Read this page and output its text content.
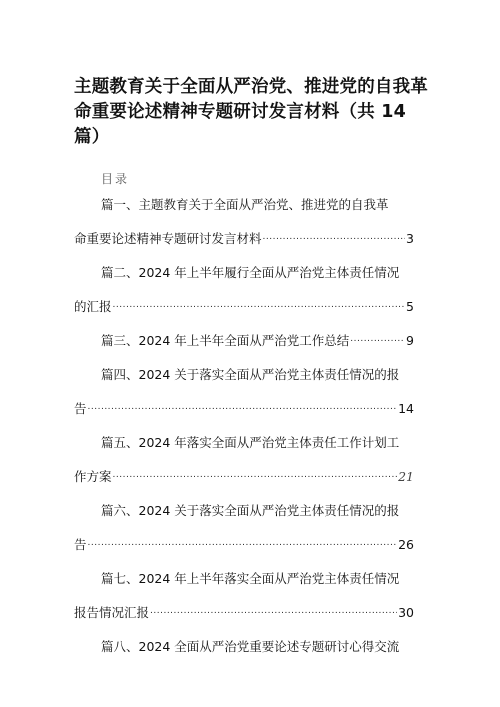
主题教育关于全面从严治党、推进党的自我革
命重要论述精神专题研讨发言材料（共 14
篇）
目录
篇一、主题教育关于全面从严治党、推进党的自我革
命重要论述精神专题研讨发言材料 .....	3
篇二、2024 年上半年履行全面从严治党主体责任情况
的汇报 .....	5
篇三、2024 年上半年全面从严治党工作总结 .....	9
篇四、2024 关于落实全面从严治党主体责任情况的报
告 .....	14
篇五、2024 年落实全面从严治党主体责任工作计划工
作方案 .....	21
篇六、2024 关于落实全面从严治党主体责任情况的报
告 .....	26
篇七、2024 年上半年落实全面从严治党主体责任情况
报告情况汇报 .....	30
篇八、2024 全面从严治党重要论述专题研讨心得交流
